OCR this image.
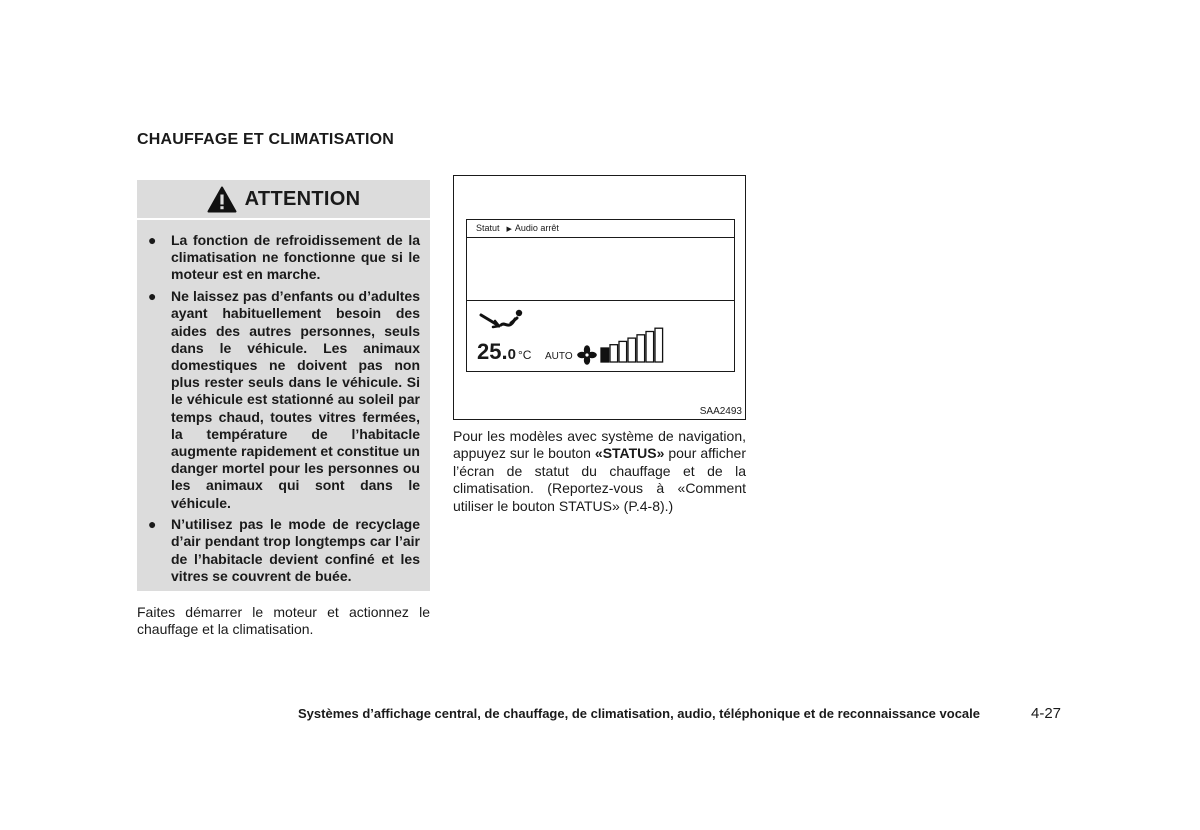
CHAUFFAGE ET CLIMATISATION
ATTENTION
● La fonction de refroidissement de la climatisation ne fonctionne que si le moteur est en marche.
● Ne laissez pas d’enfants ou d’adultes ayant habituellement besoin des aides des autres personnes, seuls dans le véhicule. Les animaux domestiques ne doivent pas non plus rester seuls dans le véhicule. Si le véhicule est stationné au soleil par temps chaud, toutes vitres fermées, la température de l’habitacle augmente rapidement et constitue un danger mortel pour les personnes ou les animaux qui sont dans le véhicule.
● N’utilisez pas le mode de recyclage d’air pendant trop longtemps car l’air de l’habitacle devient confiné et les vitres se couvrent de buée.

Faites démarrer le moteur et actionnez le chauffage et la climatisation.

Statut ▶ Audio arrêt
25.0 °C AUTO
SAA2493

Pour les modèles avec système de navigation, appuyez sur le bouton «STATUS» pour afficher l’écran de statut du chauffage et de la climatisation. (Reportez-vous à «Comment utiliser le bouton STATUS» (P.4-8).)

Systèmes d’affichage central, de chauffage, de climatisation, audio, téléphonique et de reconnaissance vocale	4-27
